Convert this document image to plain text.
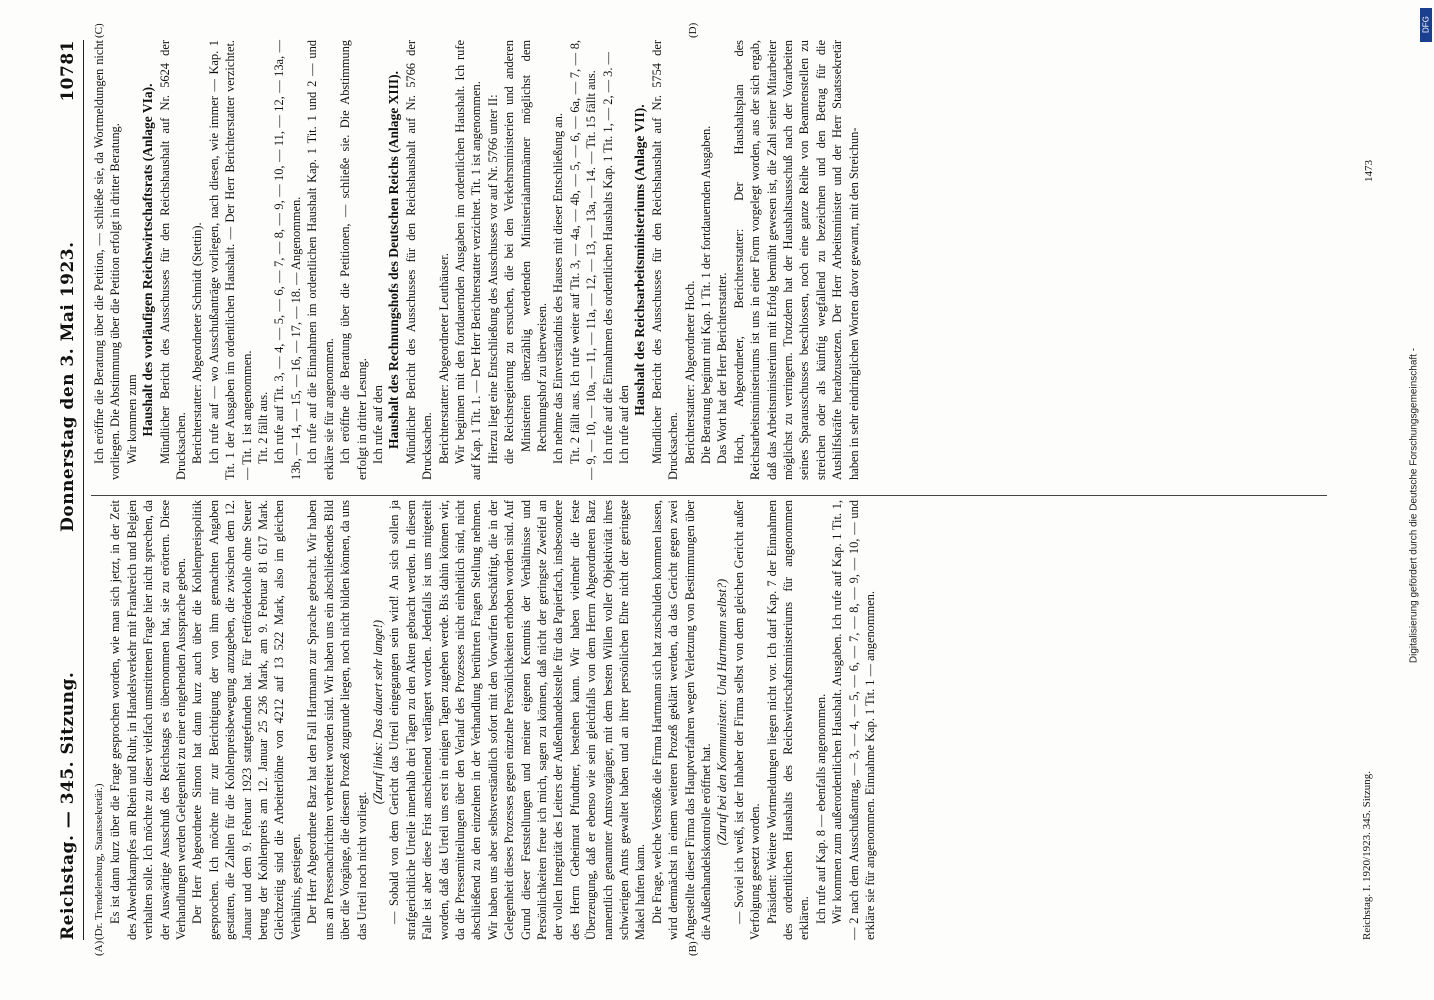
Reichstag. — 345. Sitzung.
Donnerstag den 3. Mai 1923.
10781
(A)	(B)
(C)	(D)

(Dr. Trendelenburg, Staatssekretär.) Es ist dann kurz über die Frage gesprochen worden, wie man sich jetzt, in der Zeit des Abwehrkampfes am Rhein und Ruhr, in Handelsverkehr mit Frankreich und Belgien verhalten solle. Ich möchte zu dieser vielfach umstrittenen Frage hier nicht sprechen, da der Auswärtige Ausschuß des Reichstags es übernommen hat, sie zu erörtern. Diese Verhandlungen werden Gelegenheit zu einer eingehenden Aussprache geben. Der Herr Abgeordnete Simon hat dann kurz auch über die Kohlenpreispolitik gesprochen. Ich möchte mir zur Berichtigung der von ihm gemachten Angaben gestatten, die Zahlen für die Kohlenpreisbewegung anzugeben, die zwischen dem 12. Januar und dem 9. Februar 1923 stattgefunden hat. Für Fettförderkohle ohne Steuer betrug der Kohlenpreis am 12. Januar 25 236 Mark, am 9. Februar 81 617 Mark. Gleichzeitig sind die Arbeiterlöhne von 4212 auf 13 522 Mark, also im gleichen Verhältnis, gestiegen. Der Herr Abgeordnete Barz hat den Fall Hartmann zur Sprache gebracht. Wir haben uns an Pressenachrichten verbreitet worden sind. Wir haben uns ein abschließendes Bild über die Vorgänge, die diesem Prozeß zugrunde liegen, noch nicht bilden können, da uns das Urteil noch nicht vorliegt.

(Zuruf links: Das dauert sehr lange!) — Sobald von dem Gericht das Urteil eingegangen sein wird! An sich sollen ja strafgerichtliche Urteile innerhalb drei Tagen zu den Akten gebracht werden. In diesem Falle ist aber diese Frist anscheinend verlängert worden. Jedenfalls ist uns mitgeteilt worden, daß das Urteil uns erst in einigen Tagen zugehen werde. Bis dahin können wir, da die Pressemitteilungen über den Verlauf des Prozesses nicht einheitlich sind, nicht abschließend zu den einzelnen in der Verhandlung berührten Fragen Stellung nehmen. Wir haben uns aber selbstverständlich sofort mit den Vorwürfen beschäftigt, die in der Gelegenheit dieses Prozesses gegen einzelne Persönlichkeiten erhoben worden sind. Auf Grund dieser Feststellungen und meiner eigenen Kenntnis der Verhältnisse und Persönlichkeiten freue ich mich, sagen zu können, daß nicht der geringste Zweifel an der vollen Integrität des Leiters der Außenhandelsstelle für das Papierfach, insbesondere des Herrn Geheimrat Pfundtner, bestehen kann. Wir haben vielmehr die feste Überzeugung, daß er ebenso wie sein gleichfalls von dem Herrn Abgeordneten Barz namentlich genannter Amtsvorgänger, mit dem besten Willen voller Objektivität ihres schwierigen Amts gewaltet haben und an ihrer persönlichen Ehre nicht der geringste Makel haften kann. Die Frage, welche Verstöße die Firma Hartmann sich hat zuschulden kommen lassen, wird demnächst in einem weiteren Prozeß geklärt werden, da das Gericht gegen zwei Angestellte dieser Firma das Hauptverfahren wegen Verletzung von Bestimmungen über die Außenhandelskontrolle eröffnet hat. (Zuruf bei den Kommunisten: Und Hartmann selbst?) — Soviel ich weiß, ist der Inhaber der Firma selbst von dem gleichen Gericht außer Verfolgung gesetzt worden. Präsident: Weitere Wortmeldungen liegen nicht vor. Ich darf Kap. 7 der Einnahmen des ordentlichen Haushalts des Reichswirtschaftsministeriums für angenommen erklären. Ich rufe auf Kap. 8 — ebenfalls angenommen. Wir kommen zum außerordentlichen Haushalt. Ausgaben. Ich rufe auf Kap. 1 Tit. 1, — 2 nach dem Ausschußantrag, — 3, — 4, — 5, — 6, — 7, — 8, — 9, — 10, — und erkläre sie für angenommen. Einnahme Kap. 1 Tit. 1 — angenommen.

Ich eröffne die Beratung über die Petition, — schließe sie, da Wortmeldungen nicht vorliegen. Die Abstimmung über die Petition erfolgt in dritter Beratung. Wir kommen zum Haushalt des vorläufigen Reichswirtschaftsrats (Anlage VIa). Mündlicher Bericht des Ausschusses für den Reichshaushalt auf Nr. 5624 der Drucksachen. Berichterstatter: Abgeordneter Schmidt (Stettin). Ich rufe auf — wo Ausschußanträge vorliegen, nach diesen, wie immer — Kap. 1 Tit. 1 der Ausgaben im ordentlichen Haushalt. — Der Herr Berichterstatter verzichtet. — Tit. 1 ist angenommen. Tit. 2 fällt aus. Ich rufe auf Tit. 3, — 4, — 5, — 6, — 7, — 8, — 9, — 10, — 11, — 12, — 13a, — 13b, — 14, — 15, — 16, — 17, — 18. — Angenommen. Ich rufe auf die Einnahmen im ordentlichen Haushalt Kap. 1 Tit. 1 und 2 — und erkläre sie für angenommen. Ich eröffne die Beratung über die Petitionen, — schließe sie. Die Abstimmung erfolgt in dritter Lesung. Ich rufe auf den Haushalt des Rechnungshofs des Deutschen Reichs (Anlage XIII). Mündlicher Bericht des Ausschusses für den Reichshaushalt auf Nr. 5766 der Drucksachen. Berichterstatter: Abgeordneter Leuthäuser. Wir beginnen mit den fortdauernden Ausgaben im ordentlichen Haushalt. Ich rufe auf Kap. 1 Tit. 1. — Der Herr Berichterstatter verzichtet. Tit. 1 ist angenommen. Hierzu liegt eine Entschließung des Ausschusses vor auf Nr. 5766 unter II: die Reichsregierung zu ersuchen, die bei den Verkehrsministerien und anderen Ministerien überzählig werdenden Ministerialamtmänner möglichst dem Rechnungshof zu überweisen. Ich nehme das Einverständnis des Hauses mit dieser Entschließung an. Tit. 2 fällt aus. Ich rufe weiter auf Tit. 3, — 4a, — 4b, — 5, — 6, — 6a, — 7, — 8, — 9, — 10, — 10a, — 11, — 11a, — 12, — 13, — 13a, — 14. — Tit. 15 fällt aus. Ich rufe auf die Einnahmen des ordentlichen Haushalts Kap. 1 Tit. 1, — 2, — 3. — Ich rufe auf den

Haushalt des Reichsarbeitsministeriums (Anlage VII). Mündlicher Bericht des Ausschusses für den Reichshaushalt auf Nr. 5754 der Drucksachen. Berichterstatter: Abgeordneter Hoch. Die Beratung beginnt mit Kap. 1 Tit. 1 der fortdauernden Ausgaben. Das Wort hat der Herr Berichterstatter. Hoch, Abgeordneter, Berichterstatter: Der Haushaltsplan des Reichsarbeitsministeriums ist uns in einer Form vorgelegt worden, aus der sich ergab, daß das Arbeitsministerium mit Erfolg bemüht gewesen ist, die Zahl seiner Mitarbeiter möglichst zu verringern. Trotzdem hat der Haushaltsausschuß nach der Vorarbeiten seines Sparausschusses beschlossen, noch eine ganze Reihe von Beamtenstellen zu streichen oder als künftig wegfallend zu bezeichnen und den Betrag für die Aushilfskräfte herabzusetzen. Der Herr Arbeitsminister und der Herr Staatssekretär haben in sehr eindringlichen Worten davor gewarnt, mit den Streichun-

Reichstag. I. 1920/1923. 345. Sitzung.
1473
Digitalisierung gefördert durch die Deutsche Forschungsgemeinschaft -
DFG
